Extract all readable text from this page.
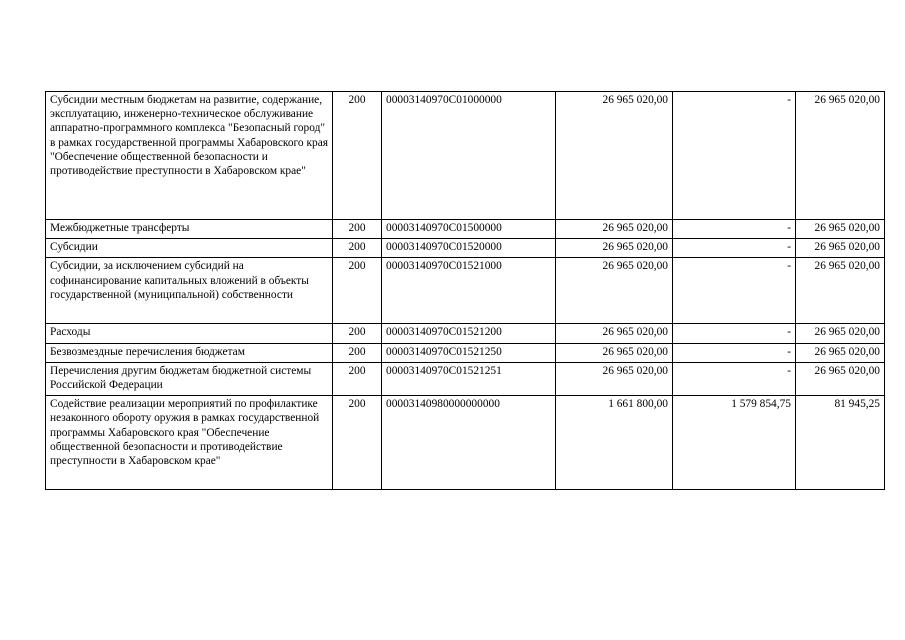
Субсидии местным бюджетам на развитие, содержание, эксплуатацию, инженерно-техническое обслуживание аппаратно-программного комплекса "Безопасный город" в рамках государственной программы Хабаровского края "Обеспечение общественной безопасности и противодействие преступности в Хабаровском крае"	200	00003140970С01000000	26 965 020,00	-	26 965 020,00
Межбюджетные трансферты	200	00003140970С01500000	26 965 020,00	-	26 965 020,00
Субсидии	200	00003140970С01520000	26 965 020,00	-	26 965 020,00
Субсидии, за исключением субсидий на софинансирование капитальных вложений в объекты государственной (муниципальной) собственности	200	00003140970С01521000	26 965 020,00	-	26 965 020,00
Расходы	200	00003140970С01521200	26 965 020,00	-	26 965 020,00
Безвозмездные перечисления бюджетам	200	00003140970С01521250	26 965 020,00	-	26 965 020,00
Перечисления другим бюджетам бюджетной системы Российской Федерации	200	00003140970С01521251	26 965 020,00	-	26 965 020,00
Содействие реализации мероприятий по профилактике незаконного обороту оружия в рамках государственной программы Хабаровского края "Обеспечение общественной безопасности и противодействие преступности в Хабаровском крае"	200	00003140980000000000	1 661 800,00	1 579 854,75	81 945,25
